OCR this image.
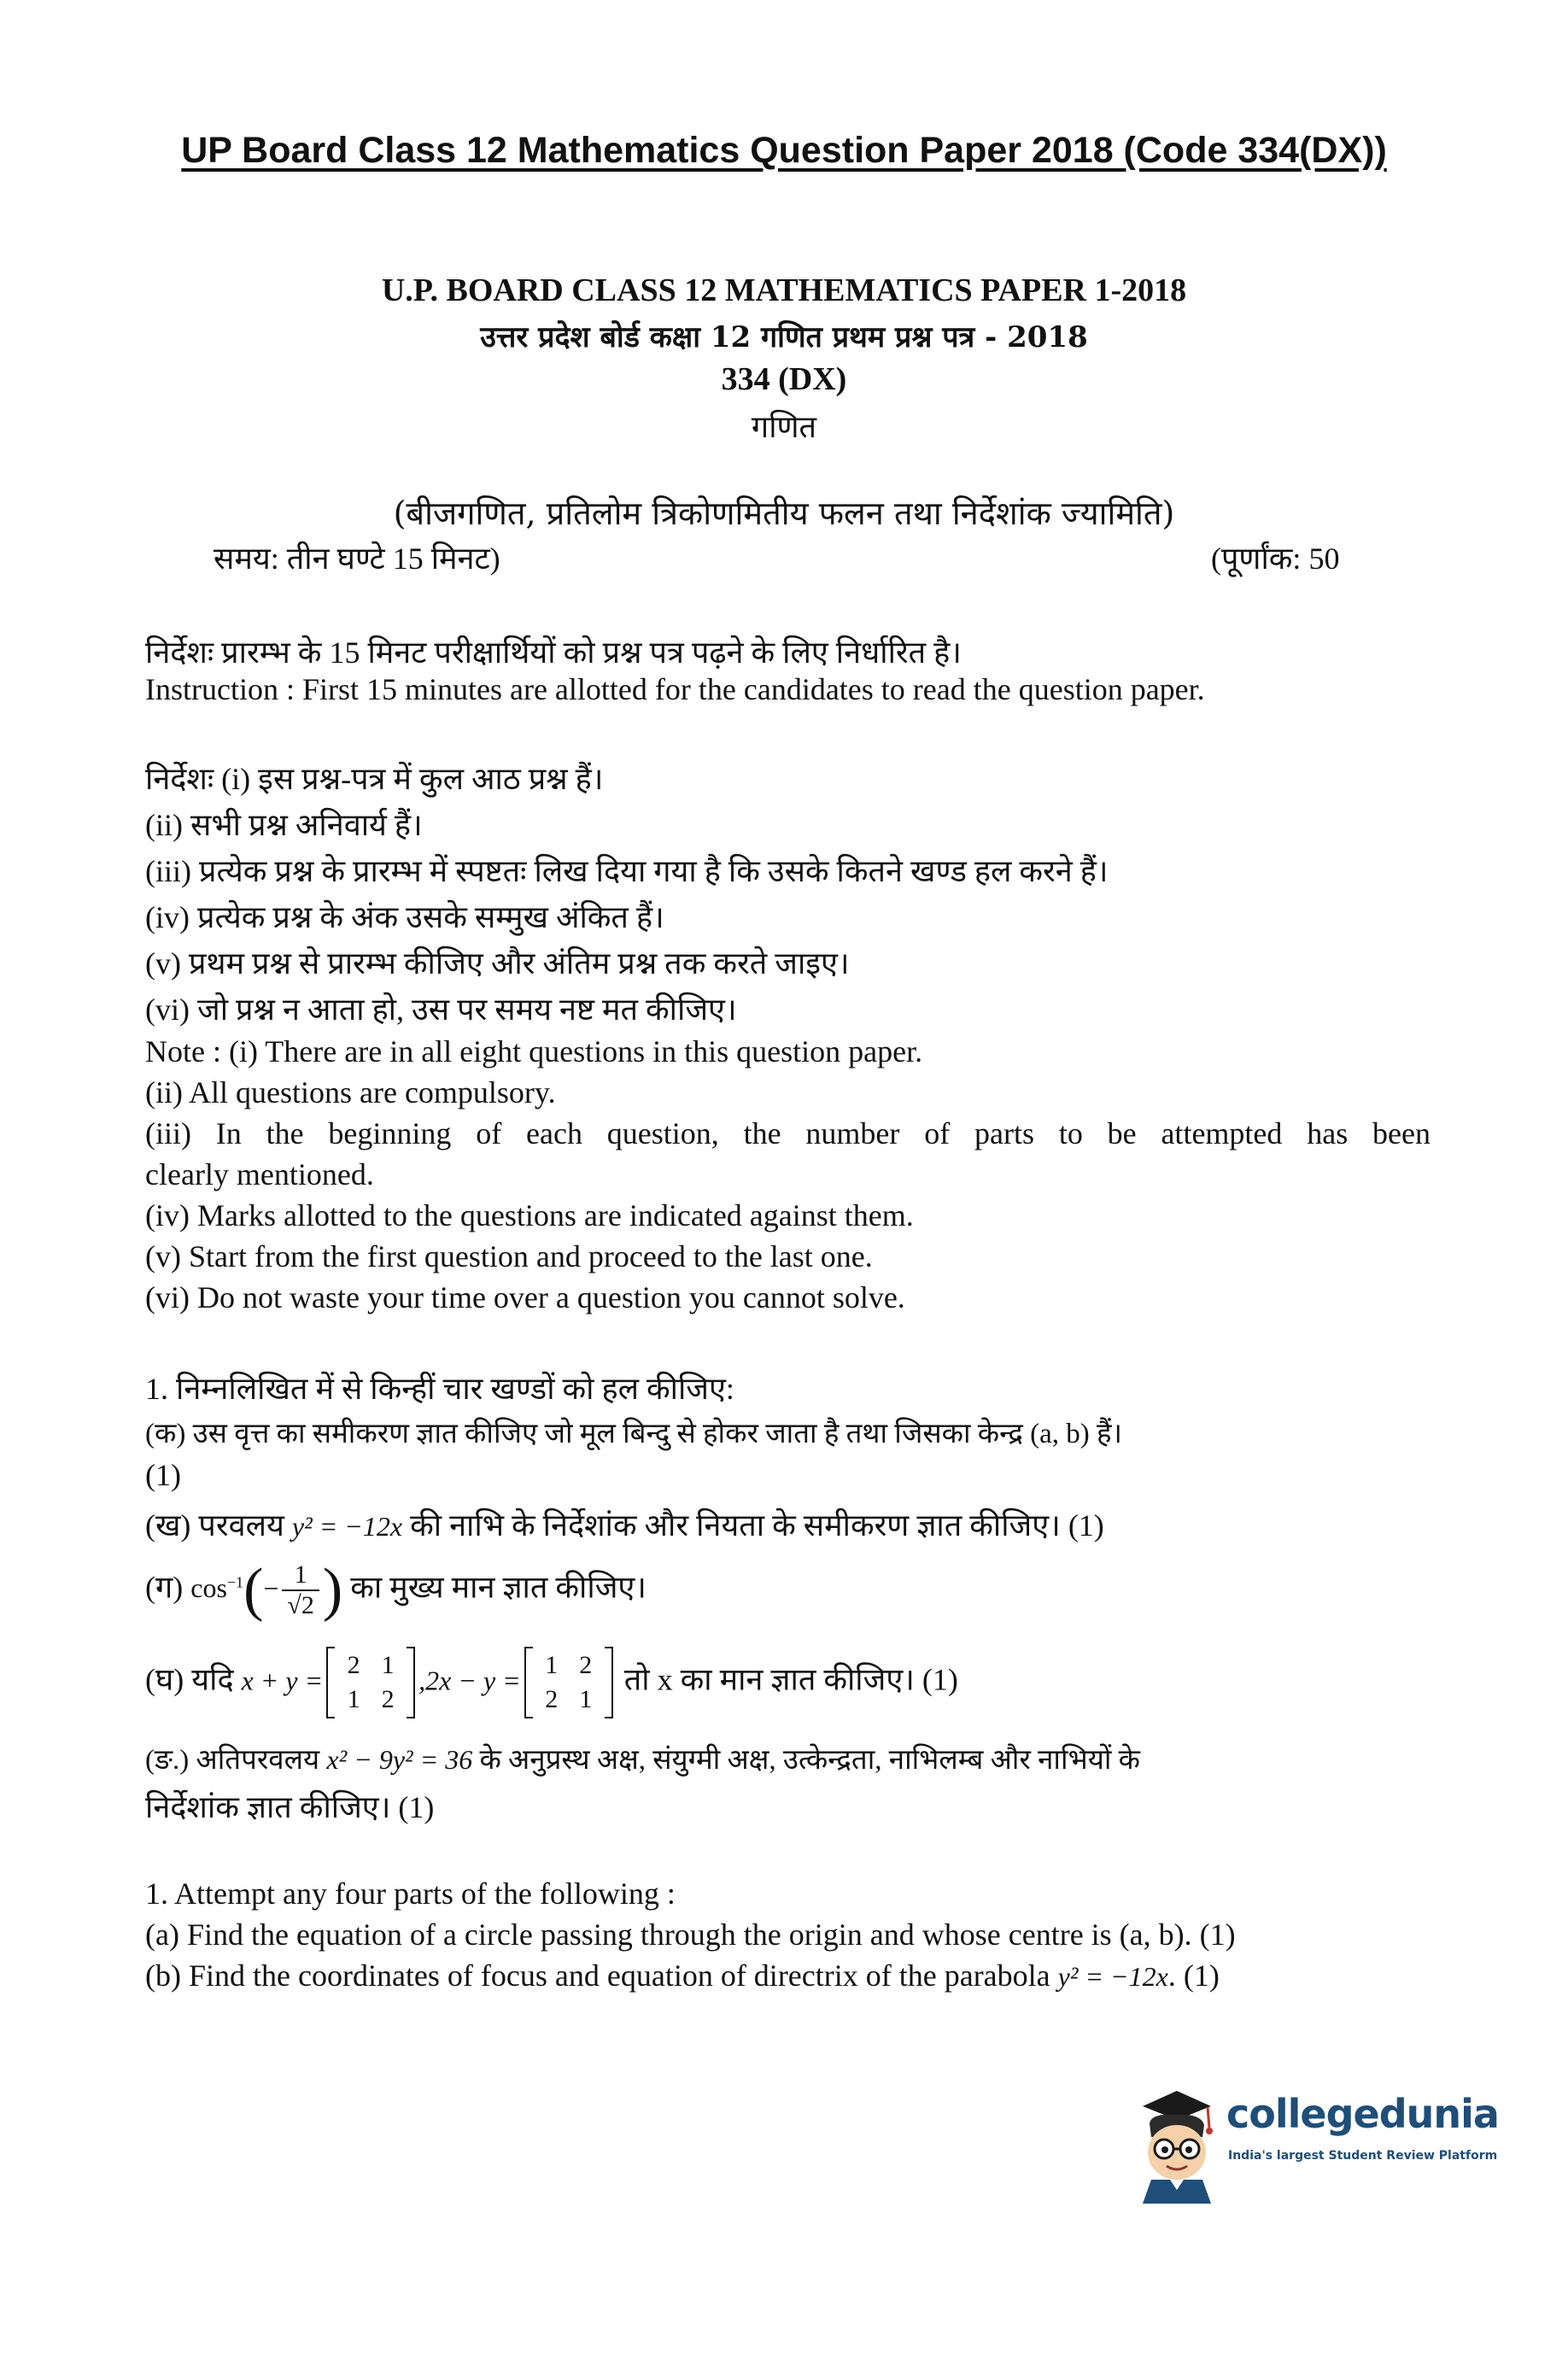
UP Board Class 12 Mathematics Question Paper 2018 (Code 334(DX))
U.P. BOARD CLASS 12 MATHEMATICS PAPER 1-2018
उत्तर प्रदेश बोर्ड कक्षा 12 गणित प्रथम प्रश्न पत्र - 2018
334 (DX)
गणित
(बीजगणित, प्रतिलोम त्रिकोणमितीय फलन तथा निर्देशांक ज्यामिति)
समय: तीन घण्टे 15 मिनट)	(पूर्णांक: 50
निर्देशः प्रारम्भ के 15 मिनट परीक्षार्थियों को प्रश्न पत्र पढ़ने के लिए निर्धारित है।
Instruction : First 15 minutes are allotted for the candidates to read the question paper.
निर्देशः (i) इस प्रश्न-पत्र में कुल आठ प्रश्न हैं।
(ii) सभी प्रश्न अनिवार्य हैं।
(iii) प्रत्येक प्रश्न के प्रारम्भ में स्पष्टतः लिख दिया गया है कि उसके कितने खण्ड हल करने हैं।
(iv) प्रत्येक प्रश्न के अंक उसके सम्मुख अंकित हैं।
(v) प्रथम प्रश्न से प्रारम्भ कीजिए और अंतिम प्रश्न तक करते जाइए।
(vi) जो प्रश्न न आता हो, उस पर समय नष्ट मत कीजिए।
Note : (i) There are in all eight questions in this question paper.
(ii) All questions are compulsory.
(iii) In the beginning of each question, the number of parts to be attempted has been
clearly mentioned.
(iv) Marks allotted to the questions are indicated against them.
(v) Start from the first question and proceed to the last one.
(vi) Do not waste your time over a question you cannot solve.
1. निम्नलिखित में से किन्हीं चार खण्डों को हल कीजिए:
(क) उस वृत्त का समीकरण ज्ञात कीजिए जो मूल बिन्दु से होकर जाता है तथा जिसका केन्द्र (a, b) हैं।
(1)
(ख) परवलय y² = −12x की नाभि के निर्देशांक और नियता के समीकरण ज्ञात कीजिए। (1)
(ग) $\cos^{-1}(- \frac{1}{√2}$ ) का मुख्य मान ज्ञात कीजिए।
(घ) यदि x + y = 2 1
1 2
,2x − y = 1 2
2 1
तो x का मान ज्ञात कीजिए। (1)
(ङ.) अतिपरवलय x² − 9y² = 36 के अनुप्रस्थ अक्ष, संयुग्मी अक्ष, उत्केन्द्रता, नाभिलम्ब और नाभियों के
निर्देशांक ज्ञात कीजिए। (1)
1. Attempt any four parts of the following :
(a) Find the equation of a circle passing through the origin and whose centre is (a, b). (1)
(b) Find the coordinates of focus and equation of directrix of the parabola y² = −12x. (1)
collegedunia
India's largest Student Review Platform
